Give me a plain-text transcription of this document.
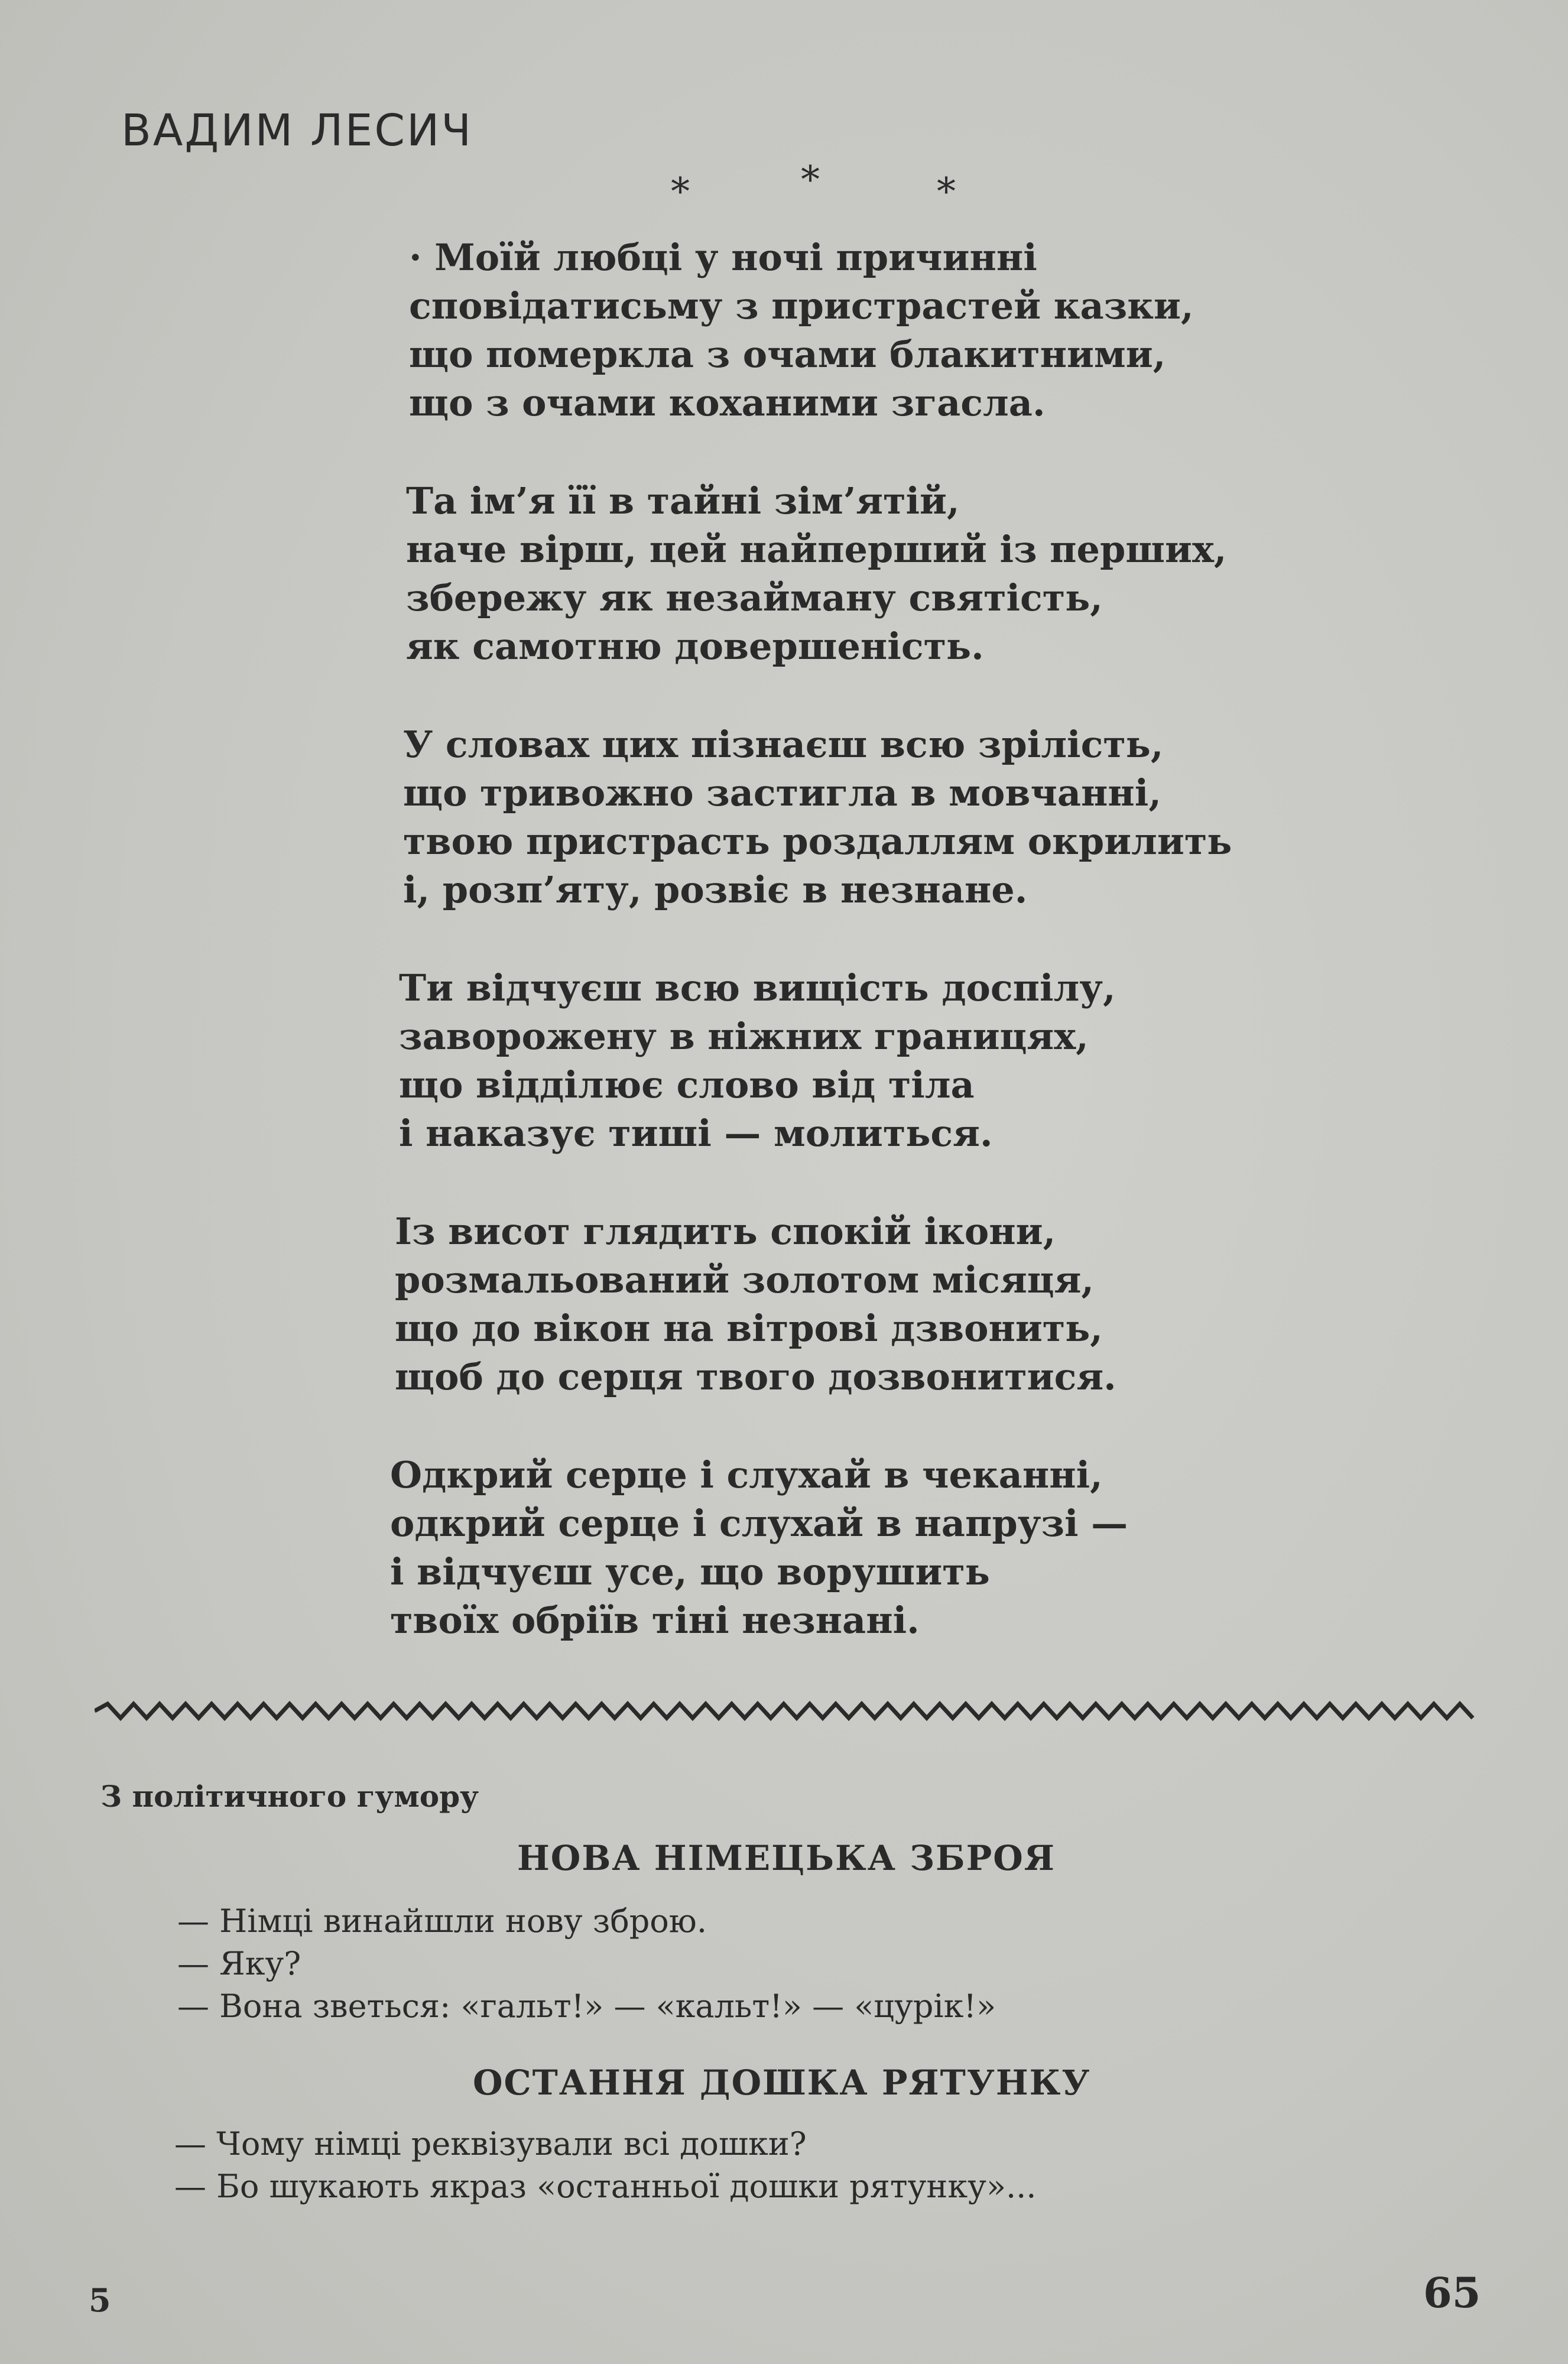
ВАДИМ ЛЕСИЧ
*	*	*

· Моїй любці у ночі причинні
сповідатисьму з пристрастей казки,
що померкла з очами блакитними,
що з очами коханими згасла.

Та ім’я її в тайні зім’ятій,
наче вірш, цей найперший із перших,
збережу як незайману святість,
як самотню довершеність.

У словах цих пізнаєш всю зрілість,
що тривожно застигла в мовчанні,
твою пристрасть роздаллям окрилить
і, розп’яту, розвіє в незнане.

Ти відчуєш всю вищість доспілу,
заворожену в ніжних границях,
що відділює слово від тіла
і наказує тиші — молиться.

Із висот глядить спокій ікони,
розмальований золотом місяця,
що до вікон на вітрові дзвонить,
щоб до серця твого дозвонитися.

Одкрий серце і слухай в чеканні,
одкрий серце і слухай в напрузі —
і відчуєш усе, що ворушить
твоїх обріїв тіні незнані.

З політичного гумору
НОВА НІМЕЦЬКА ЗБРОЯ
— Німці винайшли нову зброю.
— Яку?
— Вона зветься: «гальт!» — «кальт!» — «цурік!»
ОСТАННЯ ДОШКА РЯТУНКУ
— Чому німці реквізували всі дошки?
— Бо шукають якраз «останньої дошки рятунку»...
5	65
